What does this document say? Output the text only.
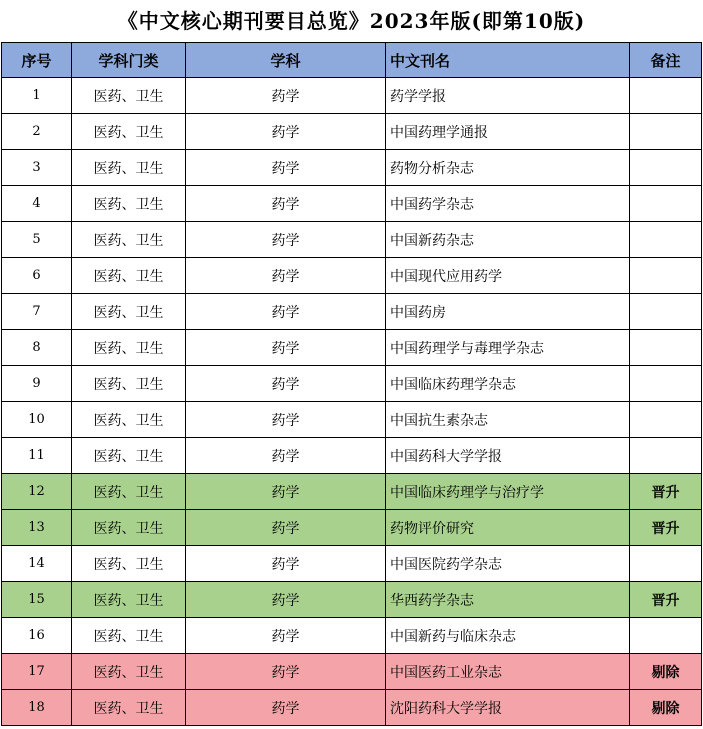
《中文核心期刊要目总览》2023年版(即第10版)
序号	学科门类	学科	中文刊名	备注
1	医药、卫生	药学	药学学报	
2	医药、卫生	药学	中国药理学通报	
3	医药、卫生	药学	药物分析杂志	
4	医药、卫生	药学	中国药学杂志	
5	医药、卫生	药学	中国新药杂志	
6	医药、卫生	药学	中国现代应用药学	
7	医药、卫生	药学	中国药房	
8	医药、卫生	药学	中国药理学与毒理学杂志	
9	医药、卫生	药学	中国临床药理学杂志	
10	医药、卫生	药学	中国抗生素杂志	
11	医药、卫生	药学	中国药科大学学报	
12	医药、卫生	药学	中国临床药理学与治疗学	晋升
13	医药、卫生	药学	药物评价研究	晋升
14	医药、卫生	药学	中国医院药学杂志	
15	医药、卫生	药学	华西药学杂志	晋升
16	医药、卫生	药学	中国新药与临床杂志	
17	医药、卫生	药学	中国医药工业杂志	剔除
18	医药、卫生	药学	沈阳药科大学学报	剔除
